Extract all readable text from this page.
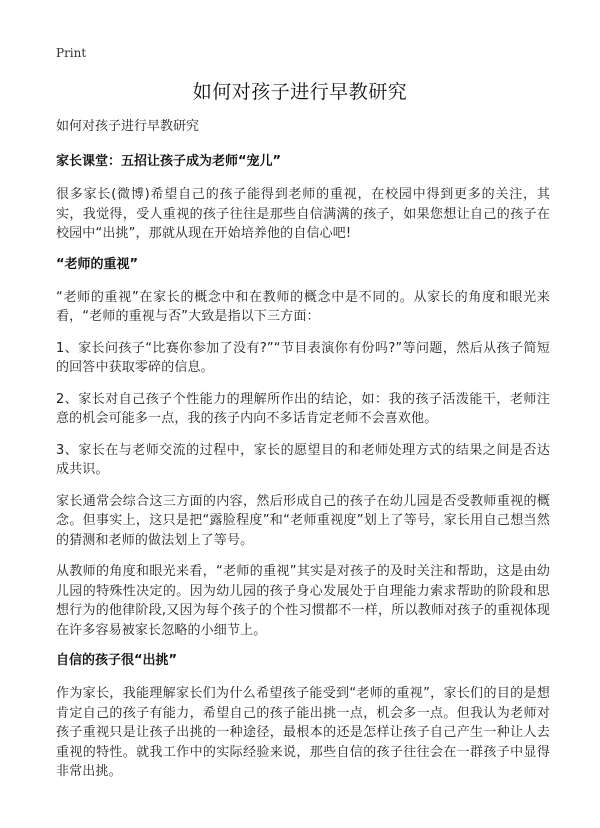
Print
如何对孩子进行早教研究

如何对孩子进行早教研究

家长课堂：五招让孩子成为老师“宠儿”

很多家长(微博)希望自己的孩子能得到老师的重视，在校园中得到更多的关注，其实，我觉得，受人重视的孩子往往是那些自信满满的孩子，如果您想让自己的孩子在校园中“出挑”，那就从现在开始培养他的自信心吧!

“老师的重视”

“老师的重视”在家长的概念中和在教师的概念中是不同的。从家长的角度和眼光来看，“老师的重视与否”大致是指以下三方面：

1、家长问孩子“比赛你参加了没有?”“节目表演你有份吗?”等问题，然后从孩子简短的回答中获取零碎的信息。

2、家长对自己孩子个性能力的理解所作出的结论，如：我的孩子活泼能干，老师注意的机会可能多一点，我的孩子内向不多话肯定老师不会喜欢他。

3、家长在与老师交流的过程中，家长的愿望目的和老师处理方式的结果之间是否达成共识。

家长通常会综合这三方面的内容，然后形成自己的孩子在幼儿园是否受教师重视的概念。但事实上，这只是把“露脸程度”和“老师重视度”划上了等号，家长用自己想当然的猜测和老师的做法划上了等号。

从教师的角度和眼光来看，“老师的重视”其实是对孩子的及时关注和帮助，这是由幼儿园的特殊性决定的。因为幼儿园的孩子身心发展处于自理能力索求帮助的阶段和思想行为的他律阶段,又因为每个孩子的个性习惯都不一样，所以教师对孩子的重视体现在许多容易被家长忽略的小细节上。

自信的孩子很“出挑”

作为家长，我能理解家长们为什么希望孩子能受到“老师的重视”，家长们的目的是想肯定自己的孩子有能力，希望自己的孩子能出挑一点，机会多一点。但我认为老师对孩子重视只是让孩子出挑的一种途径，最根本的还是怎样让孩子自己产生一种让人去重视的特性。就我工作中的实际经验来说，那些自信的孩子往往会在一群孩子中显得非常出挑。
